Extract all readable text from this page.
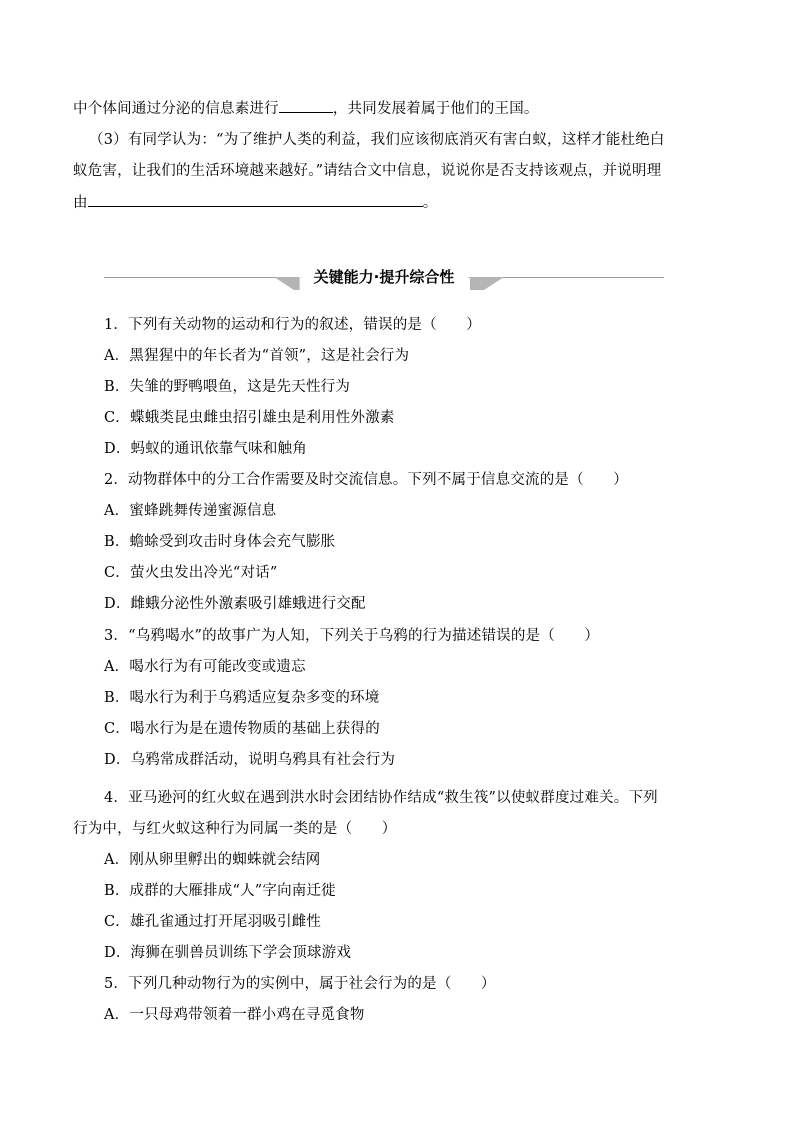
中个体间通过分泌的信息素进行	，共同发展着属于他们的王国。
（3）有同学认为：“为了维护人类的利益，我们应该彻底消灭有害白蚁，这样才能杜绝白
蚁危害，让我们的生活环境越来越好。”请结合文中信息，说说你是否支持该观点，并说明理
由	。
关键能力·提升综合性
1．下列有关动物的运动和行为的叙述，错误的是（　　）
A．黑猩猩中的年长者为“首领”，这是社会行为
B．失雏的野鸭喂鱼，这是先天性行为
C．蝶蛾类昆虫雌虫招引雄虫是利用性外激素
D．蚂蚁的通讯依靠气味和触角
2．动物群体中的分工合作需要及时交流信息。下列不属于信息交流的是（　　）
A．蜜蜂跳舞传递蜜源信息
B．蟾蜍受到攻击时身体会充气膨胀
C．萤火虫发出冷光“对话”
D．雌蛾分泌性外激素吸引雄蛾进行交配
3．“乌鸦喝水”的故事广为人知，下列关于乌鸦的行为描述错误的是（　　）
A．喝水行为有可能改变或遗忘
B．喝水行为利于乌鸦适应复杂多变的环境
C．喝水行为是在遗传物质的基础上获得的
D．乌鸦常成群活动，说明乌鸦具有社会行为
4．亚马逊河的红火蚁在遇到洪水时会团结协作结成“救生筏”以使蚁群度过难关。下列
行为中，与红火蚁这种行为同属一类的是（　　）
A．刚从卵里孵出的蜘蛛就会结网
B．成群的大雁排成“人”字向南迁徙
C．雄孔雀通过打开尾羽吸引雌性
D．海狮在驯兽员训练下学会顶球游戏
5．下列几种动物行为的实例中，属于社会行为的是（　　）
A．一只母鸡带领着一群小鸡在寻觅食物
